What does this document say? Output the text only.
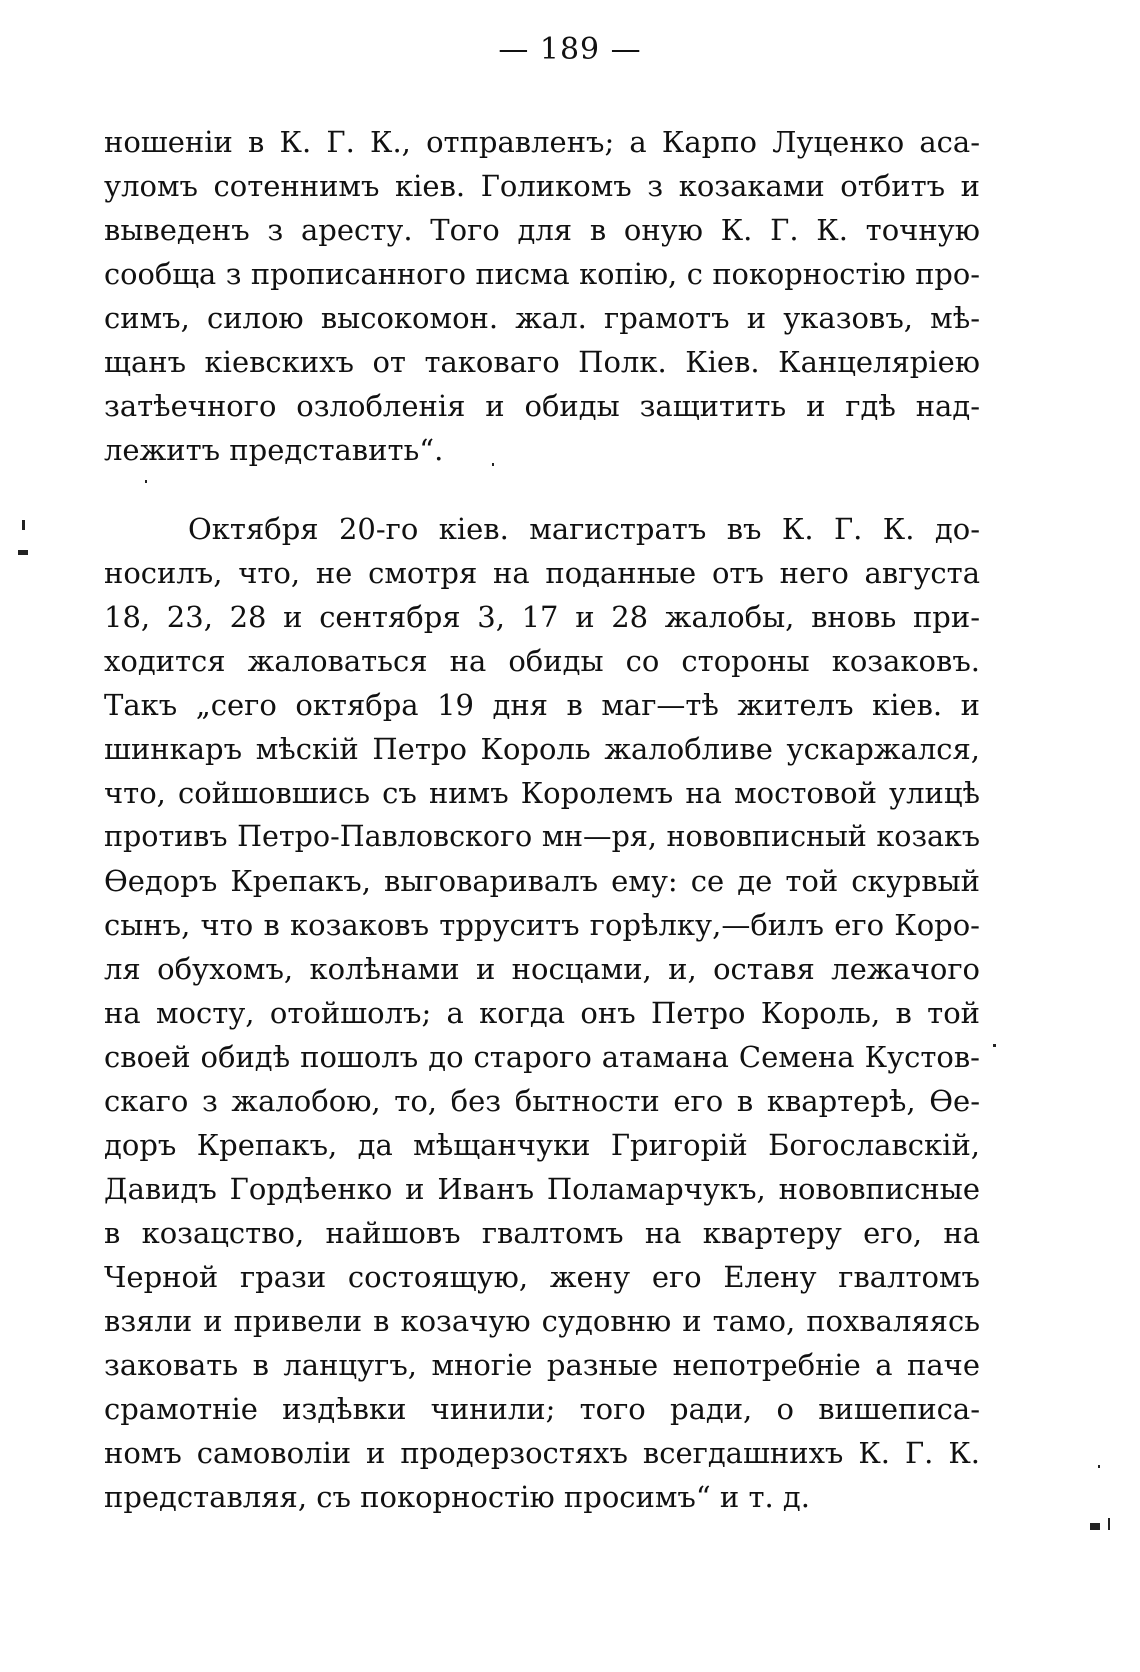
— 189 —
ношеніи в К. Г. К., отправленъ; а Карпо Луценко аса-
уломъ сотеннимъ кіев. Голикомъ з козаками отбитъ и
выведенъ з аресту. Того для в оную К. Г. К. точную
сообща з прописанного писма копію, с покорностію про-
симъ, силою высокомон. жал. грамотъ и указовъ, мѣ-
щанъ кіевскихъ от таковаго Полк. Кіев. Канцеляріею
затѣечного озлобленія и обиды защитить и гдѣ над-
лежитъ представить“.
Октября 20-го кіев. магистратъ въ К. Г. К. до-
носилъ, что, не смотря на поданные отъ него августа
18, 23, 28 и сентября 3, 17 и 28 жалобы, вновь при-
ходится жаловаться на обиды со стороны козаковъ.
Такъ „сего октябра 19 дня в маг—тѣ жителъ кіев. и
шинкаръ мѣскій Петро Король жалобливе ускаржался,
что, сойшовшись съ нимъ Королемъ на мостовой улицѣ
противъ Петро-Павловского мн—ря, нововписный козакъ
Ѳедоръ Крепакъ, выговаривалъ ему: се де той скурвый
сынъ, что в козаковъ трруситъ горѣлку,—билъ его Коро-
ля обухомъ, колѣнами и носцами, и, оставя лежачого
на мосту, отойшолъ; а когда онъ Петро Король, в той
своей обидѣ пошолъ до старого атамана Семена Кустов-
скаго з жалобою, то, без бытности его в квартерѣ, Ѳе-
доръ Крепакъ, да мѣщанчуки Григорій Богославскій,
Давидъ Гордѣенко и Иванъ Поламарчукъ, нововписные
в козацство, найшовъ гвалтомъ на квартеру его, на
Черной грази состоящую, жену его Елену гвалтомъ
взяли и привели в козачую судовню и тамо, похваляясь
заковать в ланцугъ, многіе разные непотребніе а паче
срамотніе издѣвки чинили; того ради, о вишеписа-
номъ самоволіи и продерзостяхъ всегдашнихъ К. Г. К.
представляя, съ покорностію просимъ“ и т. д.
